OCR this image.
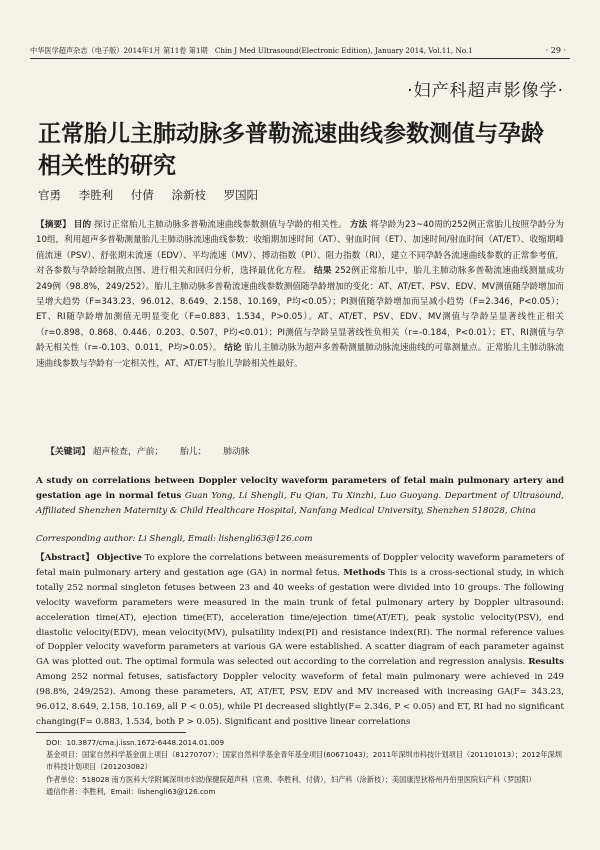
中华医学超声杂志（电子版）2014年1月 第11卷 第1期　Chin J Med Ultrasound(Electronic Edition), January 2014, Vol.11, No.1	· 29 ·
·妇产科超声影像学·
正常胎儿主肺动脉多普勒流速曲线参数测值与孕龄相关性的研究
官勇 李胜利 付倩 涂新枝 罗国阳
【摘要】 目的 探讨正常胎儿主肺动脉多普勒流速曲线参数测值与孕龄的相关性。 方法 将孕龄为23~40周的252例正常胎儿按照孕龄分为10组，利用超声多普勒测量胎儿主肺动脉流速曲线参数：收缩期加速时间（AT）、射血时间（ET）、加速时间/射血时间（AT/ET）、收缩期峰值流速（PSV）、舒张期末流速（EDV）、平均流速（MV）、搏动指数（PI）、阻力指数（RI），建立不同孕龄各流速曲线参数的正常参考值，对各参数与孕龄绘制散点图、进行相关和回归分析，选择最优化方程。 结果 252例正常胎儿中，胎儿主肺动脉多普勒流速曲线测量成功249例（98.8%，249/252）。胎儿主肺动脉多普勒流速曲线参数测值随孕龄增加的变化：AT、AT/ET、PSV、EDV、MV测值随孕龄增加而呈增大趋势（F=343.23、96.012、8.649、2.158、10.169，P均<0.05）；PI测值随孕龄增加而呈减小趋势（F=2.346，P<0.05）；ET、RI随孕龄增加测值无明显变化（F=0.883、1.534，P>0.05）。AT、AT/ET、PSV、EDV、MV测值与孕龄呈显著线性正相关（r=0.898、0.868、0.446、0.203、0.507，P均<0.01）；PI测值与孕龄呈显著线性负相关（r=-0.184，P<0.01）；ET、RI测值与孕龄无相关性（r=-0.103、0.011，P均>0.05）。 结论 胎儿主肺动脉为超声多普勒测量肺动脉流速曲线的可靠测量点。正常胎儿主肺动脉流速曲线参数与孕龄有一定相关性，AT、AT/ET与胎儿孕龄相关性最好。
【关键词】 超声检查，产前； 胎儿； 肺动脉
A study on correlations between Doppler velocity waveform parameters of fetal main pulmonary artery and gestation age in normal fetus Guan Yong, Li Shengli, Fu Qian, Tu Xinzhi, Luo Guoyang. Department of Ultrasound, Affiliated Shenzhen Maternity & Child Healthcare Hospital, Nanfang Medical University, Shenzhen 518028, China
Corresponding author: Li Shengli, Email: lishengli63@126.com
【Abstract】 Objective To explore the correlations between measurements of Doppler velocity waveform parameters of fetal main pulmonary artery and gestation age (GA) in normal fetus. Methods This is a cross-sectional study, in which totally 252 normal singleton fetuses between 23 and 40 weeks of gestation were divided into 10 groups. The following velocity waveform parameters were measured in the main trunk of fetal pulmonary artery by Doppler ultrasound: acceleration time(AT), ejection time(ET), acceleration time/ejection time(AT/ET), peak systolic velocity(PSV), end diastolic velocity(EDV), mean velocity(MV), pulsatility index(PI) and resistance index(RI). The normal reference values of Doppler velocity waveform parameters at various GA were established. A scatter diagram of each parameter against GA was plotted out. The optimal formula was selected out according to the correlation and regression analysis. Results Among 252 normal fetuses, satisfactory Doppler velocity waveform of fetal main pulmonary were achieved in 249 (98.8%, 249/252). Among these parameters, AT, AT/ET, PSV, EDV and MV increased with increasing GA(F= 343.23, 96.012, 8.649, 2.158, 10.169, all P < 0.05), while PI decreased slightly(F= 2.346, P < 0.05) and ET, RI had no significant changing(F= 0.883, 1.534, both P > 0.05). Significant and positive linear correlations
DOI：10.3877/cma.j.issn.1672-6448.2014.01.009
基金项目：国家自然科学基金面上项目（81270707）；国家自然科学基金青年基金项目(60671043)；2011年深圳市科技计划项目（201101013）；2012年深圳市科技计划项目（201203082）
作者单位：518028 南方医科大学附属深圳市妇幼保健院超声科（官勇、李胜利、付倩），妇产科（涂新枝）；美国康涅狄格州丹伯里医院妇产科（罗国阳）
通信作者：李胜利，Email：lishengli63@126.com
